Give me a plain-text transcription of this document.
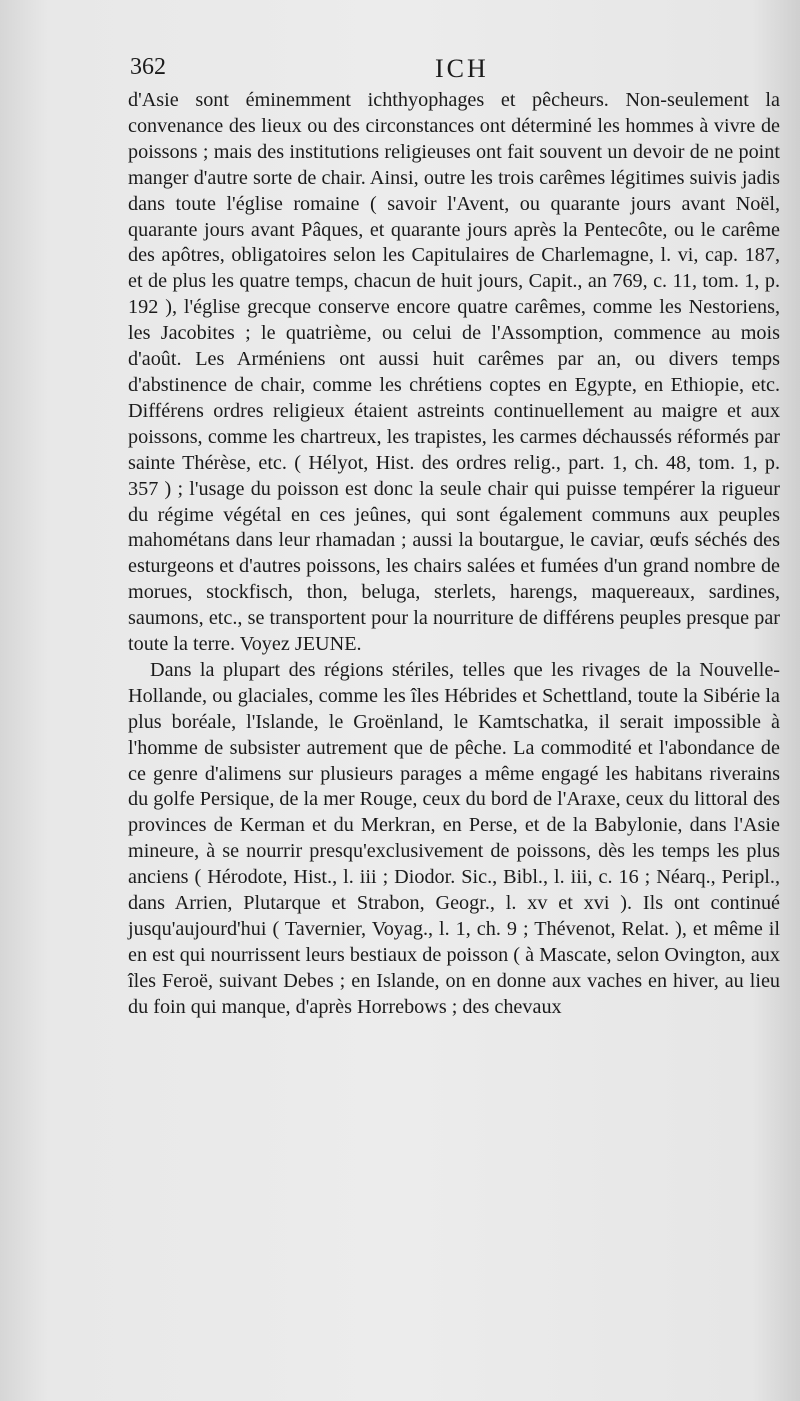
362	ICH

d'Asie sont éminemment ichthyophages et pêcheurs. Non-seulement la convenance des lieux ou des circonstances ont déterminé les hommes à vivre de poissons ; mais des institutions religieuses ont fait souvent un devoir de ne point manger d'autre sorte de chair. Ainsi, outre les trois carêmes légitimes suivis jadis dans toute l'église romaine ( savoir l'Avent, ou quarante jours avant Noël, quarante jours avant Pâques, et quarante jours après la Pentecôte, ou le carême des apôtres, obligatoires selon les Capitulaires de Charlemagne, l. vi, cap. 187, et de plus les quatre temps, chacun de huit jours, Capit., an 769, c. 11, tom. 1, p. 192 ), l'église grecque conserve encore quatre carêmes, comme les Nestoriens, les Jacobites ; le quatrième, ou celui de l'Assomption, commence au mois d'août. Les Arméniens ont aussi huit carêmes par an, ou divers temps d'abstinence de chair, comme les chrétiens coptes en Egypte, en Ethiopie, etc. Différens ordres religieux étaient astreints continuellement au maigre et aux poissons, comme les chartreux, les trapistes, les carmes déchaussés réformés par sainte Thérèse, etc. ( Hélyot, Hist. des ordres relig., part. 1, ch. 48, tom. 1, p. 357 ) ; l'usage du poisson est donc la seule chair qui puisse tempérer la rigueur du régime végétal en ces jeûnes, qui sont également communs aux peuples mahométans dans leur rhamadan ; aussi la boutargue, le caviar, œufs séchés des esturgeons et d'autres poissons, les chairs salées et fumées d'un grand nombre de morues, stockfisch, thon, beluga, sterlets, harengs, maquereaux, sardines, saumons, etc., se transportent pour la nourriture de différens peuples presque par toute la terre. Voyez JEUNE.

Dans la plupart des régions stériles, telles que les rivages de la Nouvelle-Hollande, ou glaciales, comme les îles Hébrides et Schettland, toute la Sibérie la plus boréale, l'Islande, le Groënland, le Kamtschatka, il serait impossible à l'homme de subsister autrement que de pêche. La commodité et l'abondance de ce genre d'alimens sur plusieurs parages a même engagé les habitans riverains du golfe Persique, de la mer Rouge, ceux du bord de l'Araxe, ceux du littoral des provinces de Kerman et du Merkran, en Perse, et de la Babylonie, dans l'Asie mineure, à se nourrir presqu'exclusivement de poissons, dès les temps les plus anciens ( Hérodote, Hist., l. iii ; Diodor. Sic., Bibl., l. iii, c. 16 ; Néarq., Peripl., dans Arrien, Plutarque et Strabon, Geogr., l. xv et xvi ). Ils ont continué jusqu'aujourd'hui ( Tavernier, Voyag., l. 1, ch. 9 ; Thévenot, Relat. ), et même il en est qui nourrissent leurs bestiaux de poisson ( à Mascate, selon Ovington, aux îles Feroë, suivant Debes ; en Islande, on en donne aux vaches en hiver, au lieu du foin qui manque, d'après Horrebows ; des chevaux
